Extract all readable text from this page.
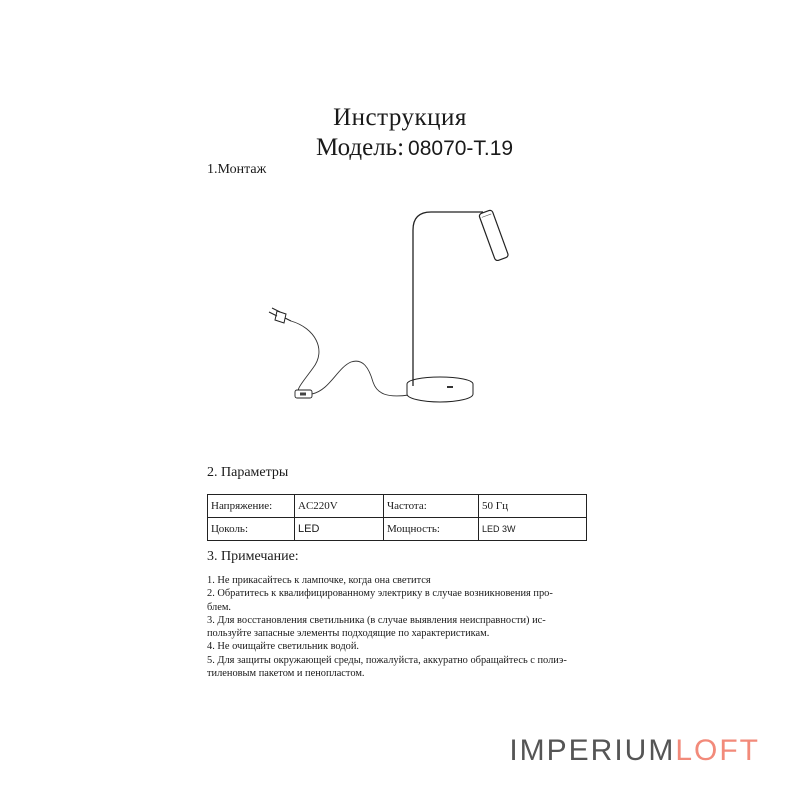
Инструкция
Модель: 08070-T.19
1.Монтаж
2. Параметры
Напряжение:	AC220V	Частота:	50 Гц
Цоколь:	LED	Мощность:	LED 3W
3. Примечание:

1. Не прикасайтесь к лампочке, когда она светится

2. Обратитесь к квалифицированному электрику в случае возникновения про-

блем.

3. Для восстановления светильника (в случае выявления неисправности) ис-

пользуйте запасные элементы подходящие по характеристикам.

4. Не очищайте светильник водой.

5. Для защиты окружающей среды, пожалуйста, аккуратно обращайтесь с полиэ-

тиленовым пакетом и пенопластом.

IMPERIUMLOFT
